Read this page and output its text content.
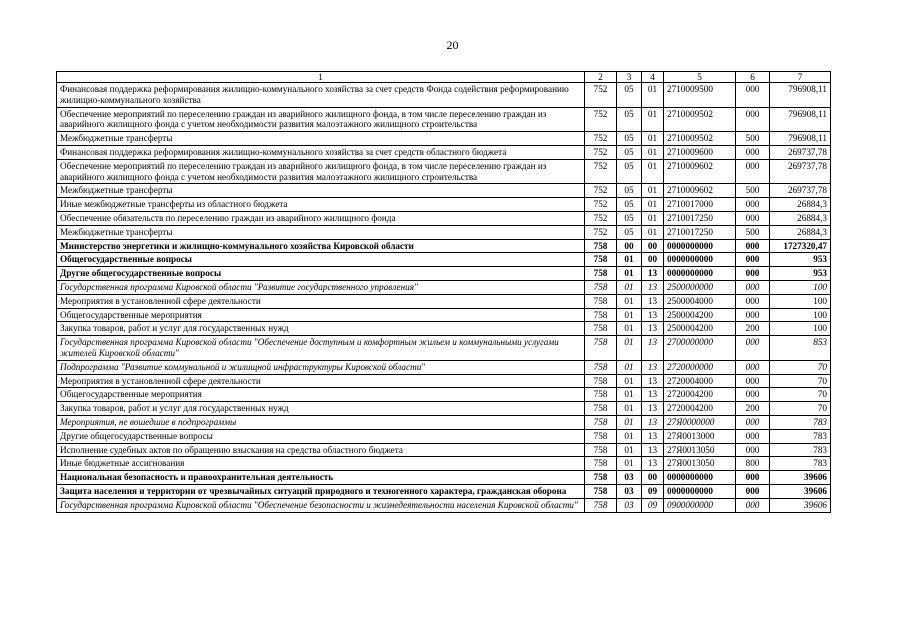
20
1	2	3	4	5	6	7
Финансовая поддержка реформирования жилищно-коммунального хозяйства за счет средств Фонда содействия реформированию жилищно-коммунального хозяйства	752	05	01	2710009500	000	796908,11
Обеспечение мероприятий по переселению граждан из аварийного жилищного фонда, в том числе переселению граждан из аварийного жилищного фонда с учетом необходимости развития малоэтажного жилищного строительства	752	05	01	2710009502	000	796908,11
Межбюджетные трансферты	752	05	01	2710009502	500	796908,11
Финансовая поддержка реформирования жилищно-коммунального хозяйства за счет средств областного бюджета	752	05	01	2710009600	000	269737,78
Обеспечение мероприятий по переселению граждан из аварийного жилищного фонда, в том числе переселению граждан из аварийного жилищного фонда с учетом необходимости развития малоэтажного жилищного строительства	752	05	01	2710009602	000	269737,78
Межбюджетные трансферты	752	05	01	2710009602	500	269737,78
Иные межбюджетные трансферты из областного бюджета	752	05	01	2710017000	000	26884,3
Обеспечение обязательств по переселению граждан из аварийного жилищного фонда	752	05	01	2710017250	000	26884,3
Межбюджетные трансферты	752	05	01	2710017250	500	26884,3
Министерство энергетики и жилищно-коммунального хозяйства Кировской области	758	00	00	0000000000	000	1727320,47
Общегосударственные вопросы	758	01	00	0000000000	000	953
Другие общегосударственные вопросы	758	01	13	0000000000	000	953
Государственная программа Кировской области "Развитие государственного управления"	758	01	13	2500000000	000	100
Мероприятия в установленной сфере деятельности	758	01	13	2500004000	000	100
Общегосударственные мероприятия	758	01	13	2500004200	000	100
Закупка товаров, работ и услуг для государственных нужд	758	01	13	2500004200	200	100
Государственная программа Кировской области "Обеспечение доступным и комфортным жильем и коммунальными услугами жителей Кировской области"	758	01	13	2700000000	000	853
Подпрограмма "Развитие коммунальной и жилищной инфраструктуры Кировской области"	758	01	13	2720000000	000	70
Мероприятия в установленной сфере деятельности	758	01	13	2720004000	000	70
Общегосударственные мероприятия	758	01	13	2720004200	000	70
Закупка товаров, работ и услуг для государственных нужд	758	01	13	2720004200	200	70
Мероприятия, не вошедшие в подпрограммы	758	01	13	27Я0000000	000	783
Другие общегосударственные вопросы	758	01	13	27Я0013000	000	783
Исполнение судебных актов по обращению взыскания на средства областного бюджета	758	01	13	27Я0013050	000	783
Иные бюджетные ассигнования	758	01	13	27Я0013050	800	783
Национальная безопасность и правоохранительная деятельность	758	03	00	0000000000	000	39606
Защита населения и территории от чрезвычайных ситуаций природного и техногенного характера, гражданская оборона	758	03	09	0000000000	000	39606
Государственная программа Кировской области "Обеспечение безопасности и жизнедеятельности населения Кировской области"	758	03	09	0900000000	000	39606
